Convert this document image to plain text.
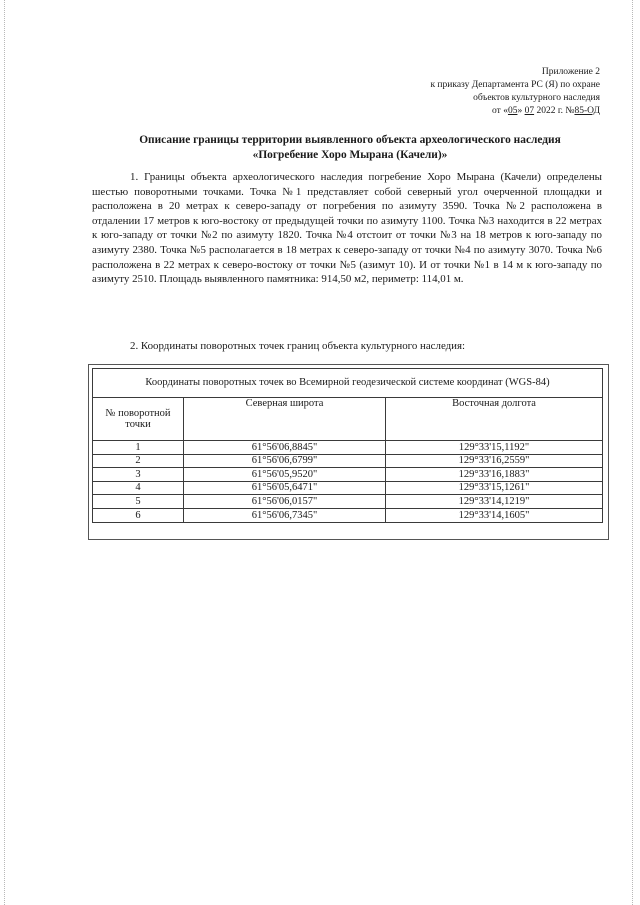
Приложение 2
к приказу Департамента РС (Я) по охране
объектов культурного наследия
от «05» 07 2022 г. №85-ОД
Описание границы территории выявленного объекта археологического наследия
«Погребение Хоро Мырана (Качели)»
1. Границы объекта археологического наследия погребение Хоро Мырана (Качели) определены шестью поворотными точками. Точка №1 представляет собой северный угол очерченной площадки и расположена в 20 метрах к северо-западу от погребения по азимуту 3590. Точка №2 расположена в отдалении 17 метров к юго-востоку от предыдущей точки по азимуту 1100. Точка №3 находится в 22 метрах к юго-западу от точки №2 по азимуту 1820. Точка №4 отстоит от точки №3 на 18 метров к юго-западу по азимуту 2380. Точка №5 располагается в 18 метрах к северо-западу от точки №4 по азимуту 3070. Точка №6 расположена в 22 метрах к северо-востоку от точки №5 (азимут 10). И от точки №1 в 14 м к юго-западу по азимуту 2510. Площадь выявленного памятника: 914,50 м2, периметр: 114,01 м.
2. Координаты поворотных точек границ объекта культурного наследия:
Координаты поворотных точек во Всемирной геодезической системе координат (WGS-84)		
№ поворотной точки	Северная широта	Восточная долгота
1	61°56'06,8845"	129°33'15,1192"
2	61°56'06,6799"	129°33'16,2559"
3	61°56'05,9520"	129°33'16,1883"
4	61°56'05,6471"	129°33'15,1261"
5	61°56'06,0157"	129°33'14,1219"
6	61°56'06,7345"	129°33'14,1605"
